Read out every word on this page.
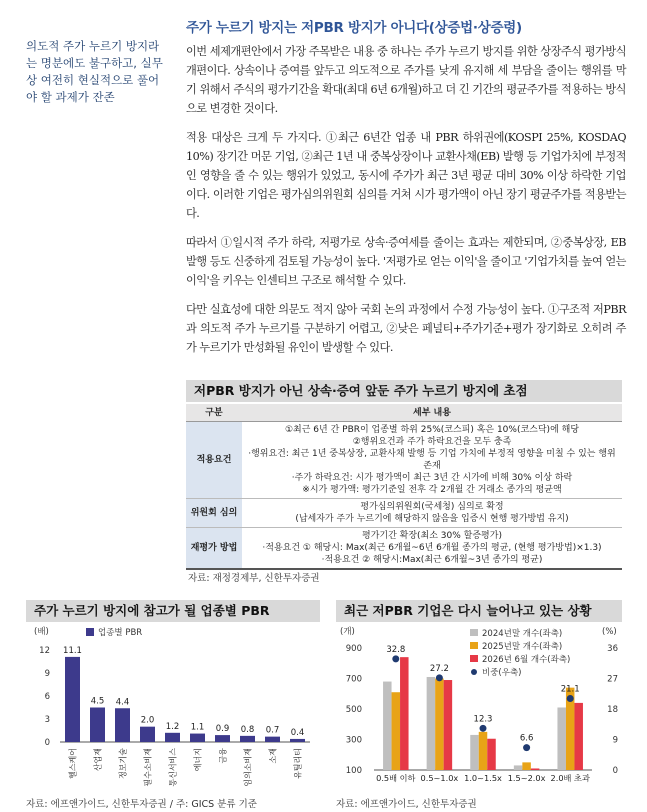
의도적 주가 누르기 방지라는 명분에도 불구하고, 실무상 여전히 현실적으로 풀어야 할 과제가 잔존
주가 누르기 방지는 저PBR 방지가 아니다(상증법·상증령)

이번 세제개편안에서 가장 주목받은 내용 중 하나는 주가 누르기 방지를 위한 상장주식 평가방식 개편이다. 상속이나 증여를 앞두고 의도적으로 주가를 낮게 유지해 세 부담을 줄이는 행위를 막기 위해서 주식의 평가기간을 확대(최대 6년 6개월)하고 더 긴 기간의 평균주가를 적용하는 방식으로 변경한 것이다.

적용 대상은 크게 두 가지다. ①최근 6년간 업종 내 PBR 하위권에(KOSPI 25%, KOSDAQ 10%) 장기간 머문 기업, ②최근 1년 내 중복상장이나 교환사채(EB) 발행 등 기업가치에 부정적인 영향을 줄 수 있는 행위가 있었고, 동시에 주가가 최근 3년 평균 대비 30% 이상 하락한 기업이다. 이러한 기업은 평가심의위원회 심의를 거쳐 시가 평가액이 아닌 장기 평균주가를 적용받는다.

따라서 ①일시적 주가 하락, 저평가로 상속·증여세를 줄이는 효과는 제한되며, ②중복상장, EB 발행 등도 신중하게 검토될 가능성이 높다. '저평가로 얻는 이익'을 줄이고 '기업가치를 높여 얻는 이익'을 키우는 인센티브 구조로 해석할 수 있다.

다만 실효성에 대한 의문도 적지 않아 국회 논의 과정에서 수정 가능성이 높다. ①구조적 저PBR과 의도적 주가 누르기를 구분하기 어렵고, ②낮은 페널티+주가기준+평가 장기화로 오히려 주가 누르기가 만성화될 유인이 발생할 수 있다.

저PBR 방지가 아닌 상속·증여 앞둔 주가 누르기 방지에 초점
구분	세부 내용
적용요건	①최근 6년 간 PBR이 업종별 하위 25%(코스피) 혹은 10%(코스닥)에 해당
②행위요건과 주가 하락요건을 모두 충족
·행위요건: 최근 1년 중복상장, 교환사채 발행 등 기업 가치에 부정적 영향을 미칠 수 있는 행위 존재
·주가 하락요건: 시가 평가액이 최근 3년 간 시가에 비해 30% 이상 하락
※시가 평가액: 평가기준일 전후 각 2개월 간 거래소 종가의 평균액

위원회 심의	평가심의위원회(국세청) 심의로 확정
(납세자가 주가 누르기에 해당하지 않음을 입증시 현행 평가방법 유지)

재평가 방법	평가기간 확장(최소 30% 할증평가)
·적용요건 ① 해당시: Max(최근 6개월~6년 6개월 종가의 평균, (현행 평가방법)×1.3)
·적용요건 ② 해당시:Max(최근 6개월~3년 종가의 평균)
자료: 재정경제부, 신한투자증권
주가 누르기 방지에 참고가 될 업종별 PBR
(배)	업종별 PBR
0
3
6
9
12 11.1
헬스케어
4.5
산업재
4.4
정보기술
2.0
필수소비재
1.2
통신서비스
1.1
에너지
0.9
금융
0.8
임의소비재
0.7
소재
0.4
유틸리티
자료: 에프앤가이드, 신한투자증권 / 주: GICS 분류 기준
최근 저PBR 기업은 다시 늘어나고 있는 상황
(개)	(%)
100
300
500
700
900
0
9
18
27
36
32.8
0.5배 이하
27.2
0.5~1.0x
12.3
1.0~1.5x
6.6
1.5~2.0x
21.1
2.0배 초과
2024년말 개수(좌축)
2025년말 개수(좌축)
2026년 6월 개수(좌축)
비중(우축)
자료: 에프앤가이드, 신한투자증권
